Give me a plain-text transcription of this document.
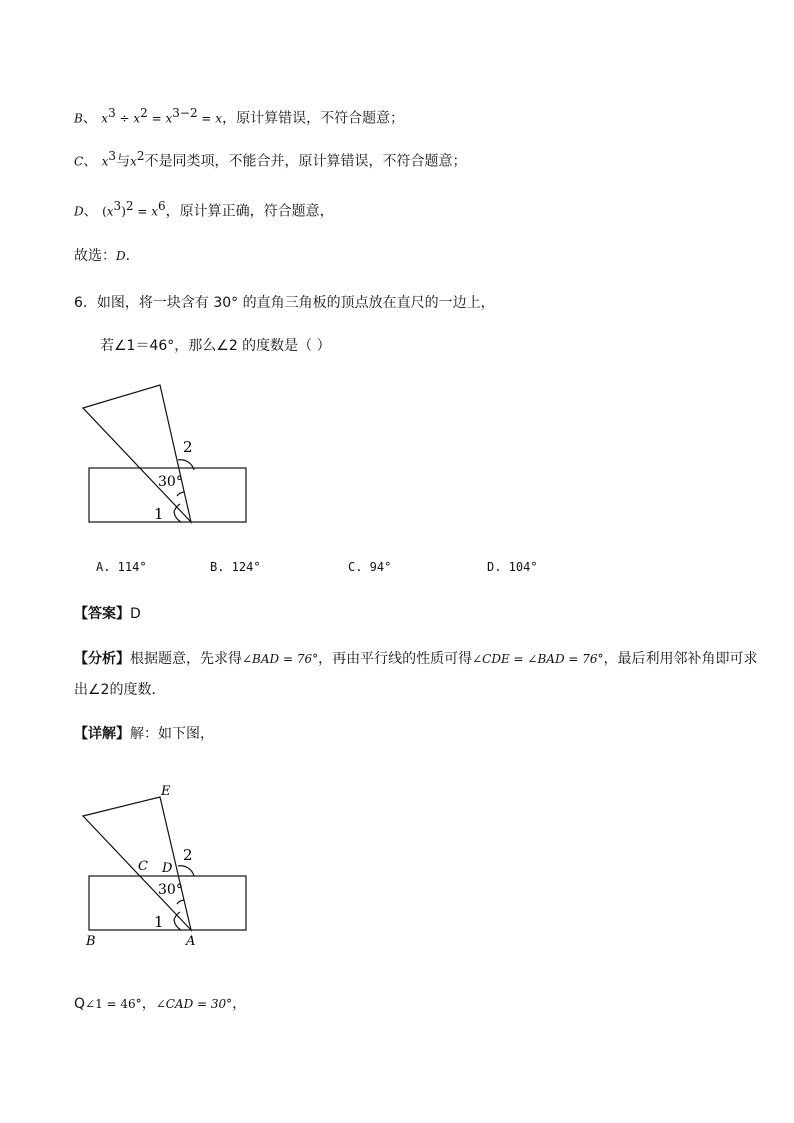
B、 $x^3 \div x^2 = x^{3-2} = x$，原计算错误，不符合题意；
C、 $x^3$与$x^2$不是同类项，不能合并，原计算错误，不符合题意；
D、 $(x^3)^2 = x^6$，原计算正确，符合题意，
故选：D．
6．如图，将一块含有 30° 的直角三角板的顶点放在直尺的一边上，
若∠1＝46°，那么∠2 的度数是（ ）
2
30°
1
E
C D
2
30°
1
B	A
A. 114°	B. 124°	C. 94°	D. 104°
【答案】D
【分析】根据题意，先求得∠BAD = 76°，再由平行线的性质可得∠CDE = ∠BAD = 76°，最后利用邻补角即可求
出∠2的度数．
【详解】解：如下图，
Q∠1 = 46°，∠CAD = 30°，
